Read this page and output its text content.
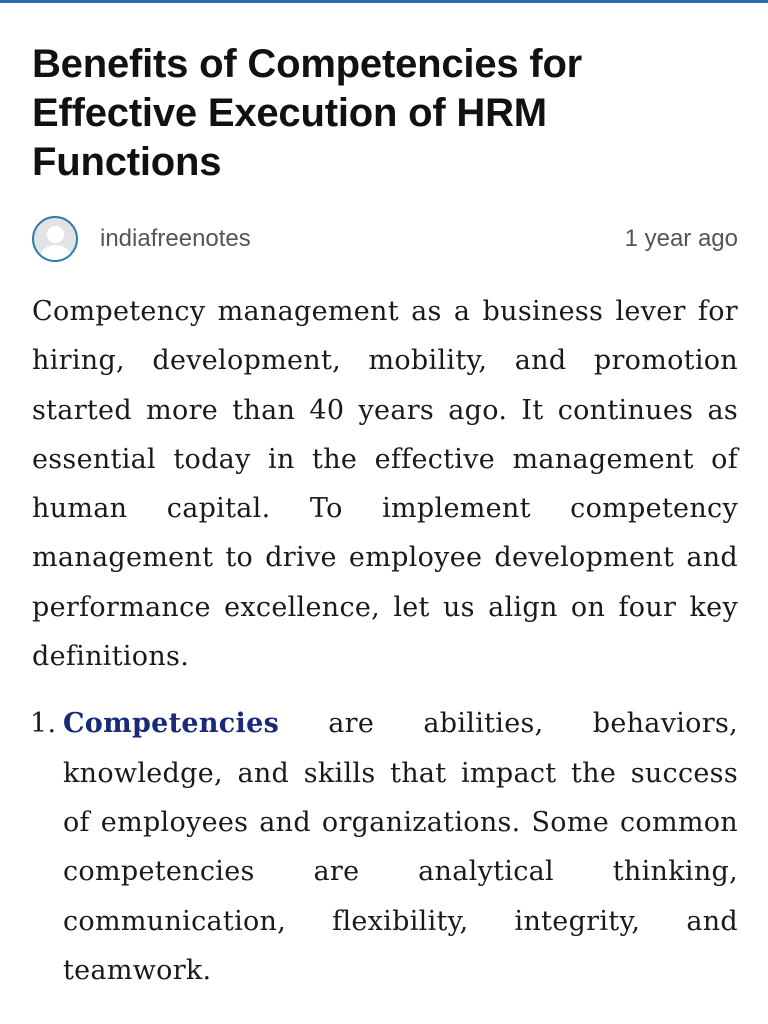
Benefits of Competencies for Effective Execution of HRM Functions
indiafreenotes	1 year ago

Competency management as a business lever for hiring, development, mobility, and promotion started more than 40 years ago. It continues as essential today in the effective management of human capital. To implement competency management to drive employee development and performance excellence, let us align on four key definitions.

1. Competencies are abilities, behaviors, knowledge, and skills that impact the success of employees and organizations. Some common competencies are analytical thinking, communication, flexibility, integrity, and teamwork.
